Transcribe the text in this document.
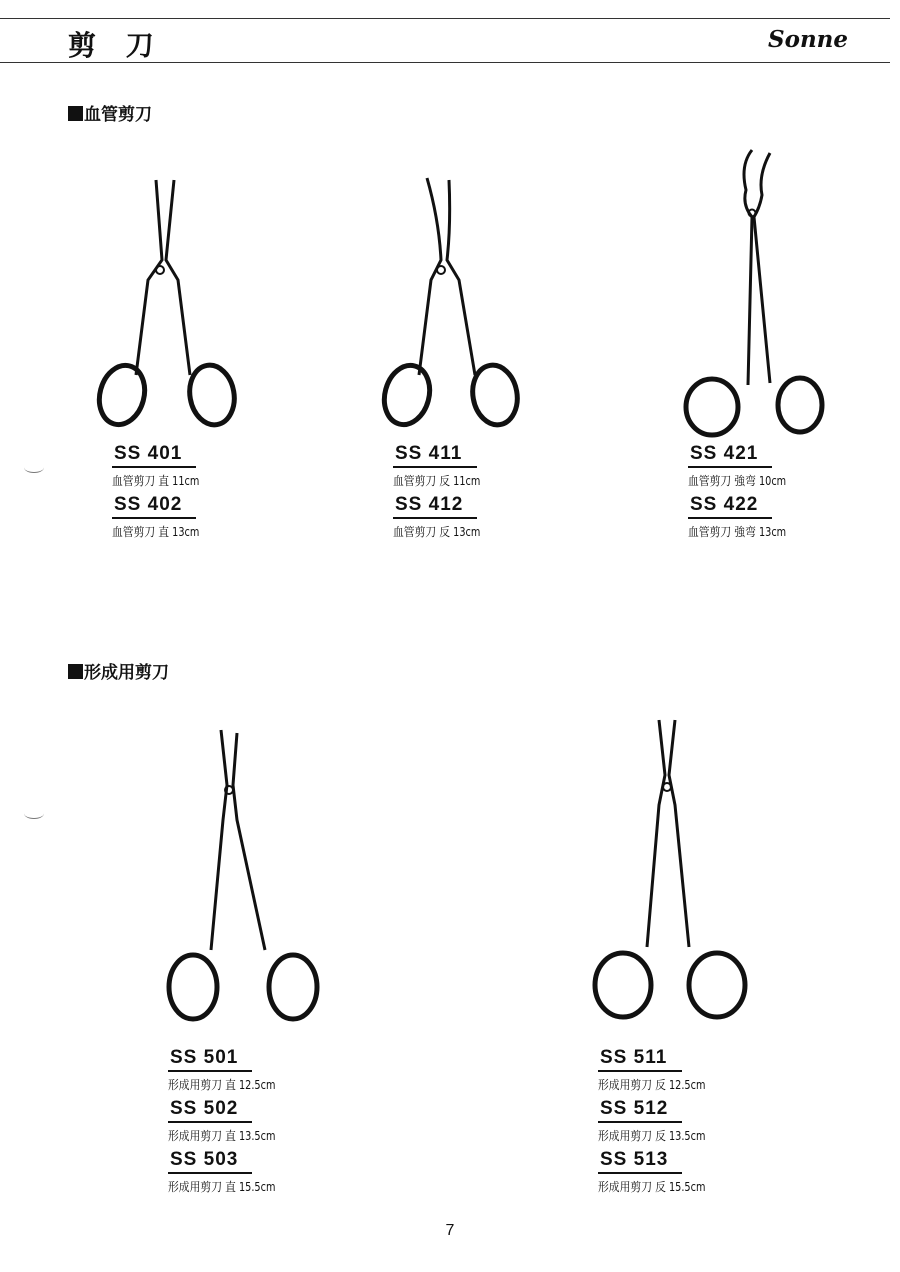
剪 刀	Sonne
血管剪刀
SS 401
血管剪刀 直 11cm
SS 402
血管剪刀 直 13cm
SS 411
血管剪刀 反 11cm
SS 412
血管剪刀 反 13cm
SS 421
血管剪刀 強弯 10cm
SS 422
血管剪刀 強弯 13cm
形成用剪刀
SS 501
形成用剪刀 直 12.5cm
SS 502
形成用剪刀 直 13.5cm
SS 503
形成用剪刀 直 15.5cm
SS 511
形成用剪刀 反 12.5cm
SS 512
形成用剪刀 反 13.5cm
SS 513
形成用剪刀 反 15.5cm
7
